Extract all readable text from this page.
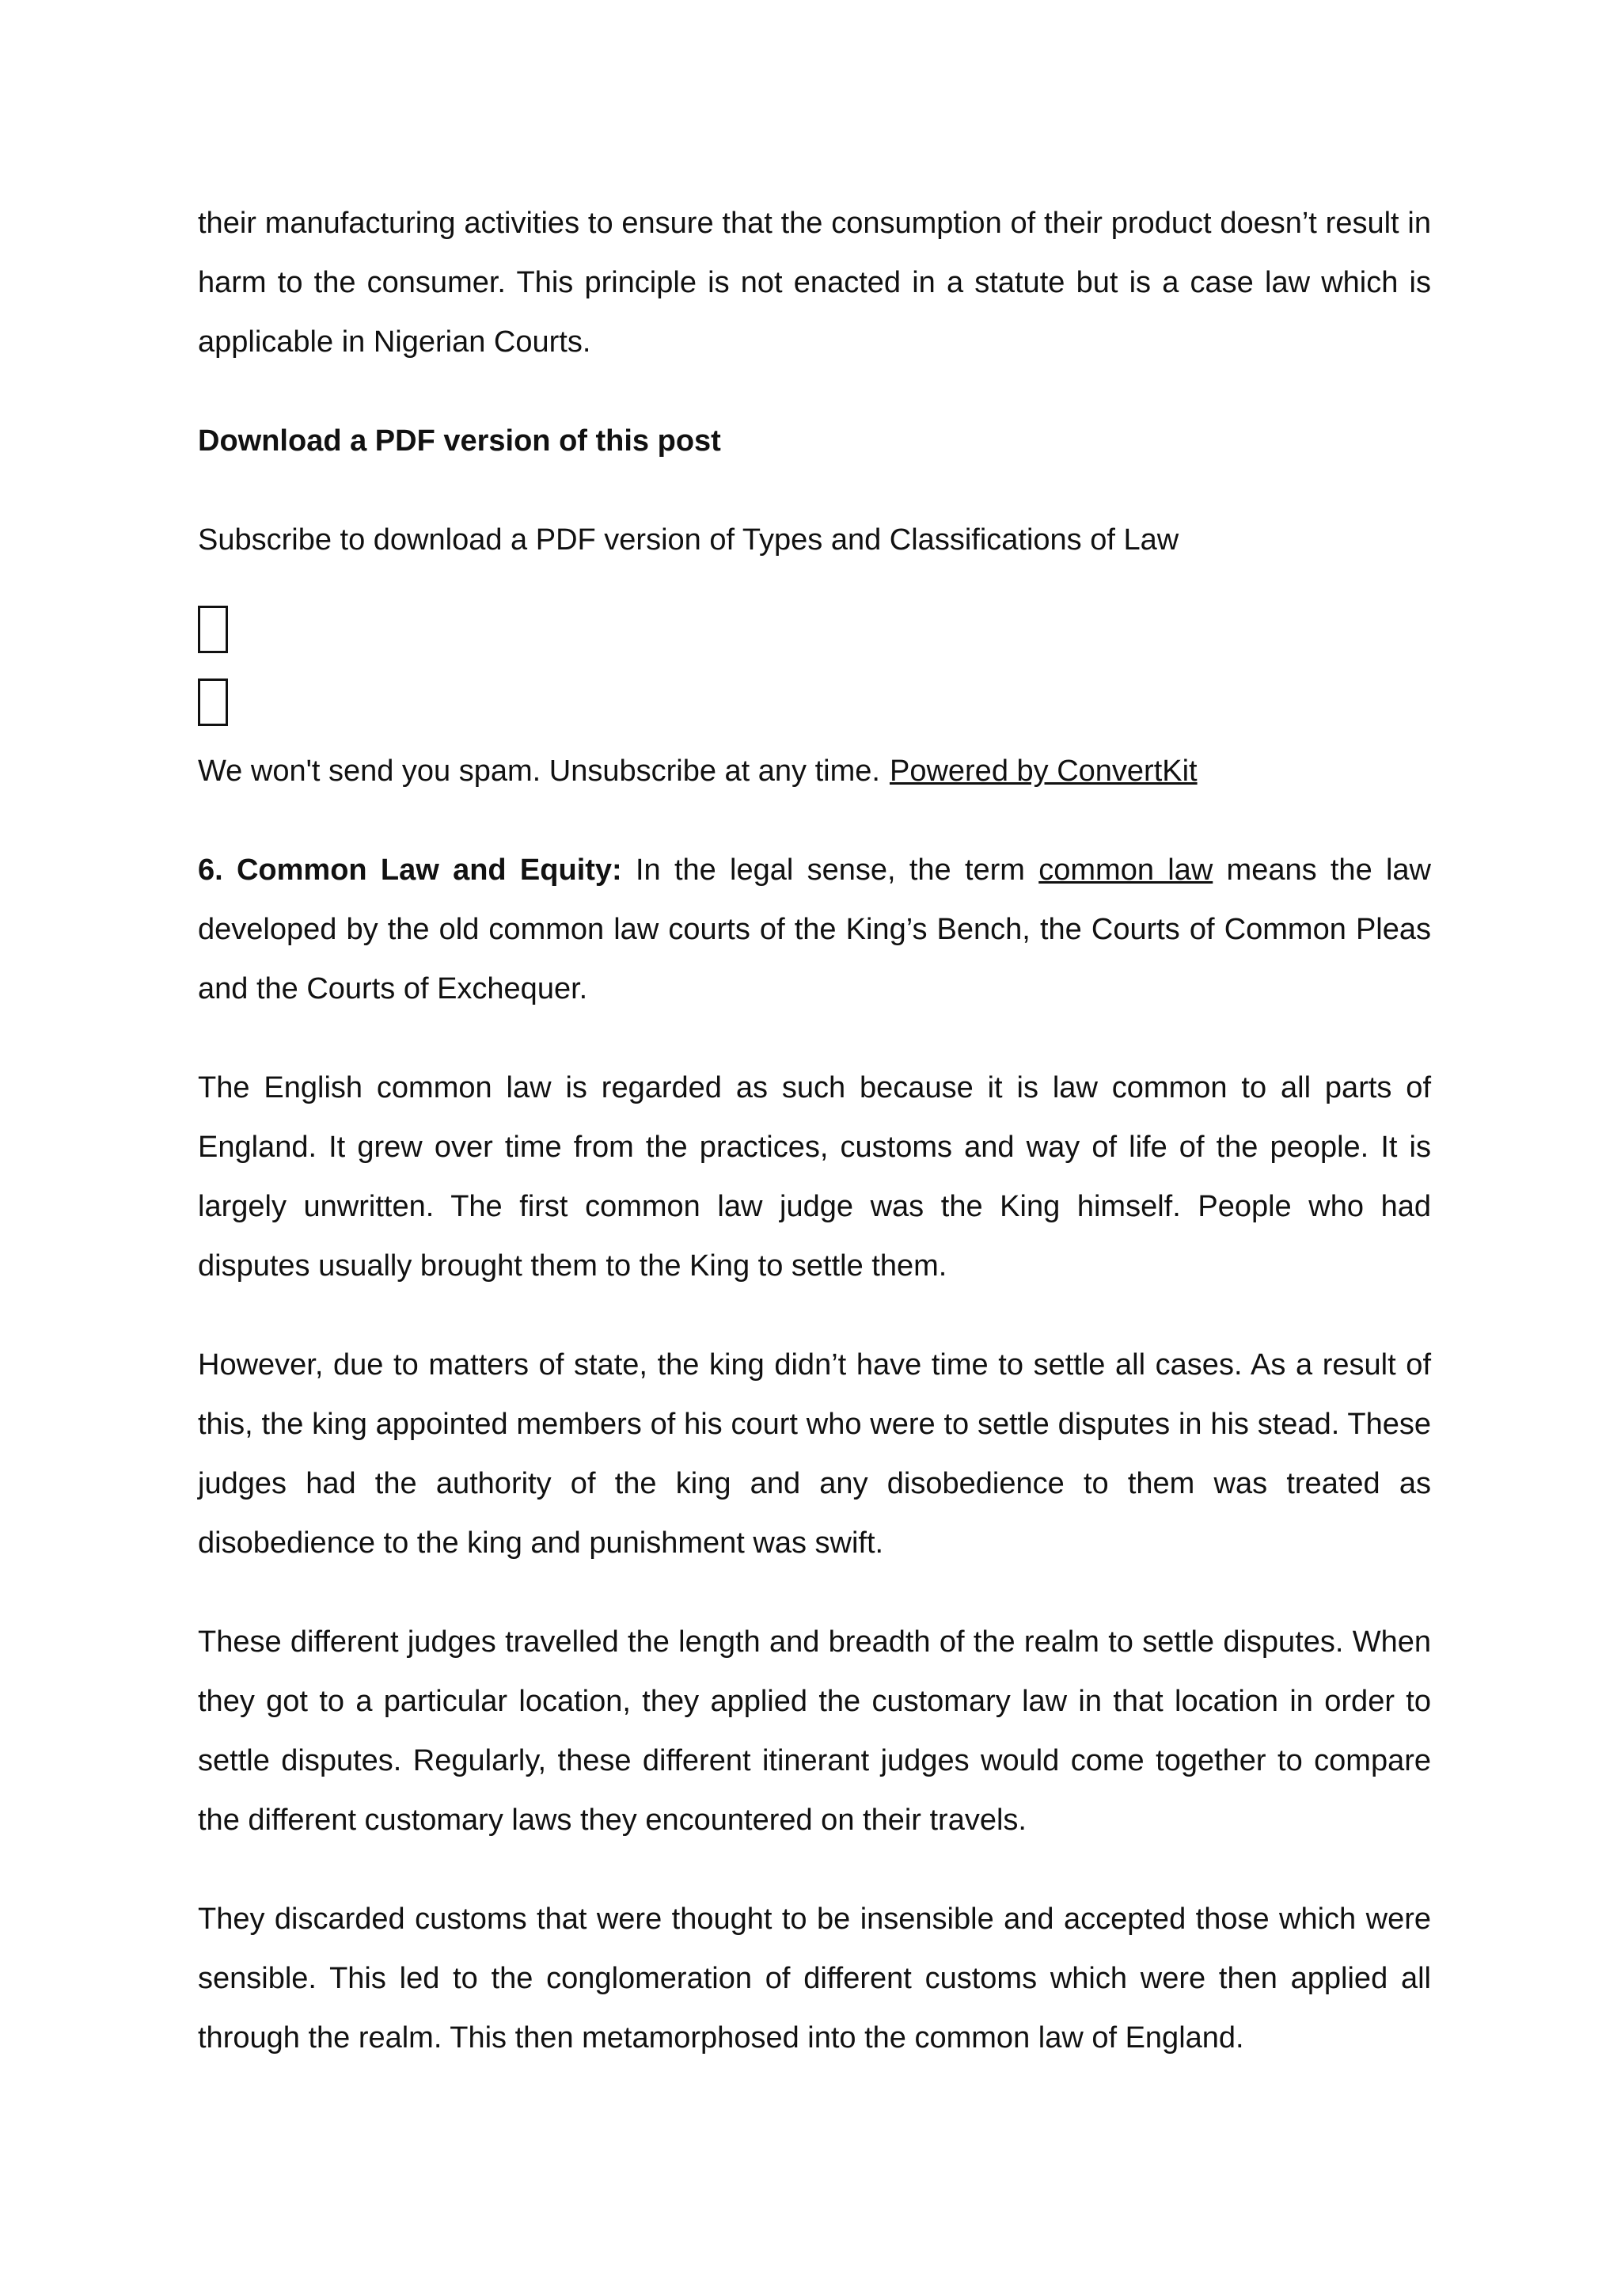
their manufacturing activities to ensure that the consumption of their product doesn’t result in harm to the consumer. This principle is not enacted in a statute but is a case law which is applicable in Nigerian Courts.

Download a PDF version of this post

Subscribe to download a PDF version of Types and Classifications of Law

We won't send you spam. Unsubscribe at any time. Powered by ConvertKit

6. Common Law and Equity: In the legal sense, the term common law means the law developed by the old common law courts of the King’s Bench, the Courts of Common Pleas and the Courts of Exchequer.

The English common law is regarded as such because it is law common to all parts of England. It grew over time from the practices, customs and way of life of the people. It is largely unwritten. The first common law judge was the King himself. People who had disputes usually brought them to the King to settle them.

However, due to matters of state, the king didn’t have time to settle all cases. As a result of this, the king appointed members of his court who were to settle disputes in his stead. These judges had the authority of the king and any disobedience to them was treated as disobedience to the king and punishment was swift.

These different judges travelled the length and breadth of the realm to settle disputes. When they got to a particular location, they applied the customary law in that location in order to settle disputes. Regularly, these different itinerant judges would come together to compare the different customary laws they encountered on their travels.

They discarded customs that were thought to be insensible and accepted those which were sensible. This led to the conglomeration of different customs which were then applied all through the realm. This then metamorphosed into the common law of England.
